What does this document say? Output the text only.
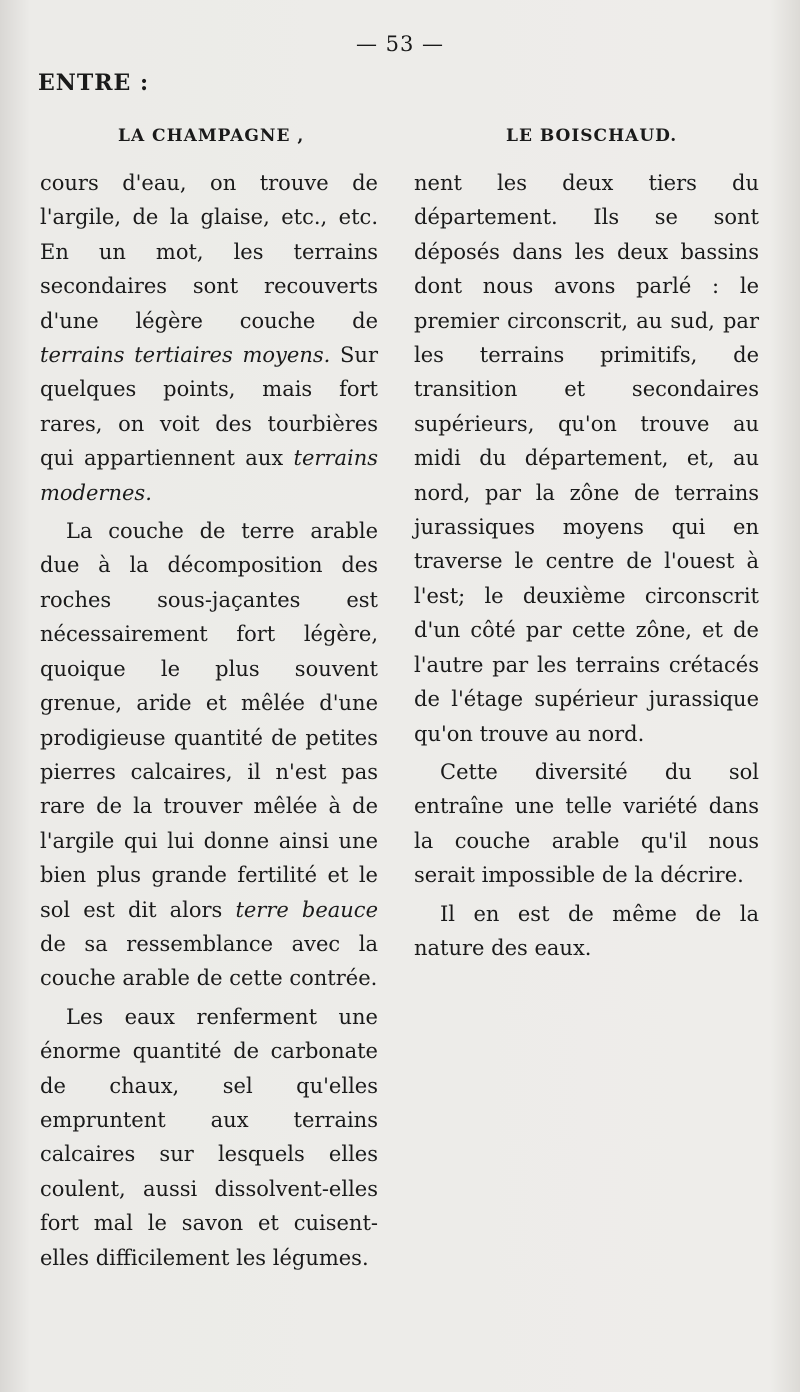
— 53 —
ENTRE :
LA CHAMPAGNE ,	LE BOISCHAUD.

cours d'eau, on trouve de l'argile, de la glaise, etc., etc. En un mot, les terrains secondaires sont recouverts d'une légère couche de terrains tertiaires moyens. Sur quelques points, mais fort rares, on voit des tourbières qui appartiennent aux terrains modernes.

La couche de terre arable due à la décomposition des roches sous-jaçantes est nécessairement fort légère, quoique le plus souvent grenue, aride et mêlée d'une prodigieuse quantité de petites pierres calcaires, il n'est pas rare de la trouver mêlée à de l'argile qui lui donne ainsi une bien plus grande fertilité et le sol est dit alors terre beauce de sa ressemblance avec la couche arable de cette contrée.

Les eaux renferment une énorme quantité de carbonate de chaux, sel qu'elles empruntent aux terrains calcaires sur lesquels elles coulent, aussi dissolvent-elles fort mal le savon et cuisent-elles difficilement les légumes.

nent les deux tiers du département. Ils se sont déposés dans les deux bassins dont nous avons parlé : le premier circonscrit, au sud, par les terrains primitifs, de transition et secondaires supérieurs, qu'on trouve au midi du département, et, au nord, par la zône de terrains jurassiques moyens qui en traverse le centre de l'ouest à l'est; le deuxième circonscrit d'un côté par cette zône, et de l'autre par les terrains crétacés de l'étage supérieur jurassique qu'on trouve au nord.

Cette diversité du sol entraîne une telle variété dans la couche arable qu'il nous serait impossible de la décrire.

Il en est de même de la nature des eaux.
